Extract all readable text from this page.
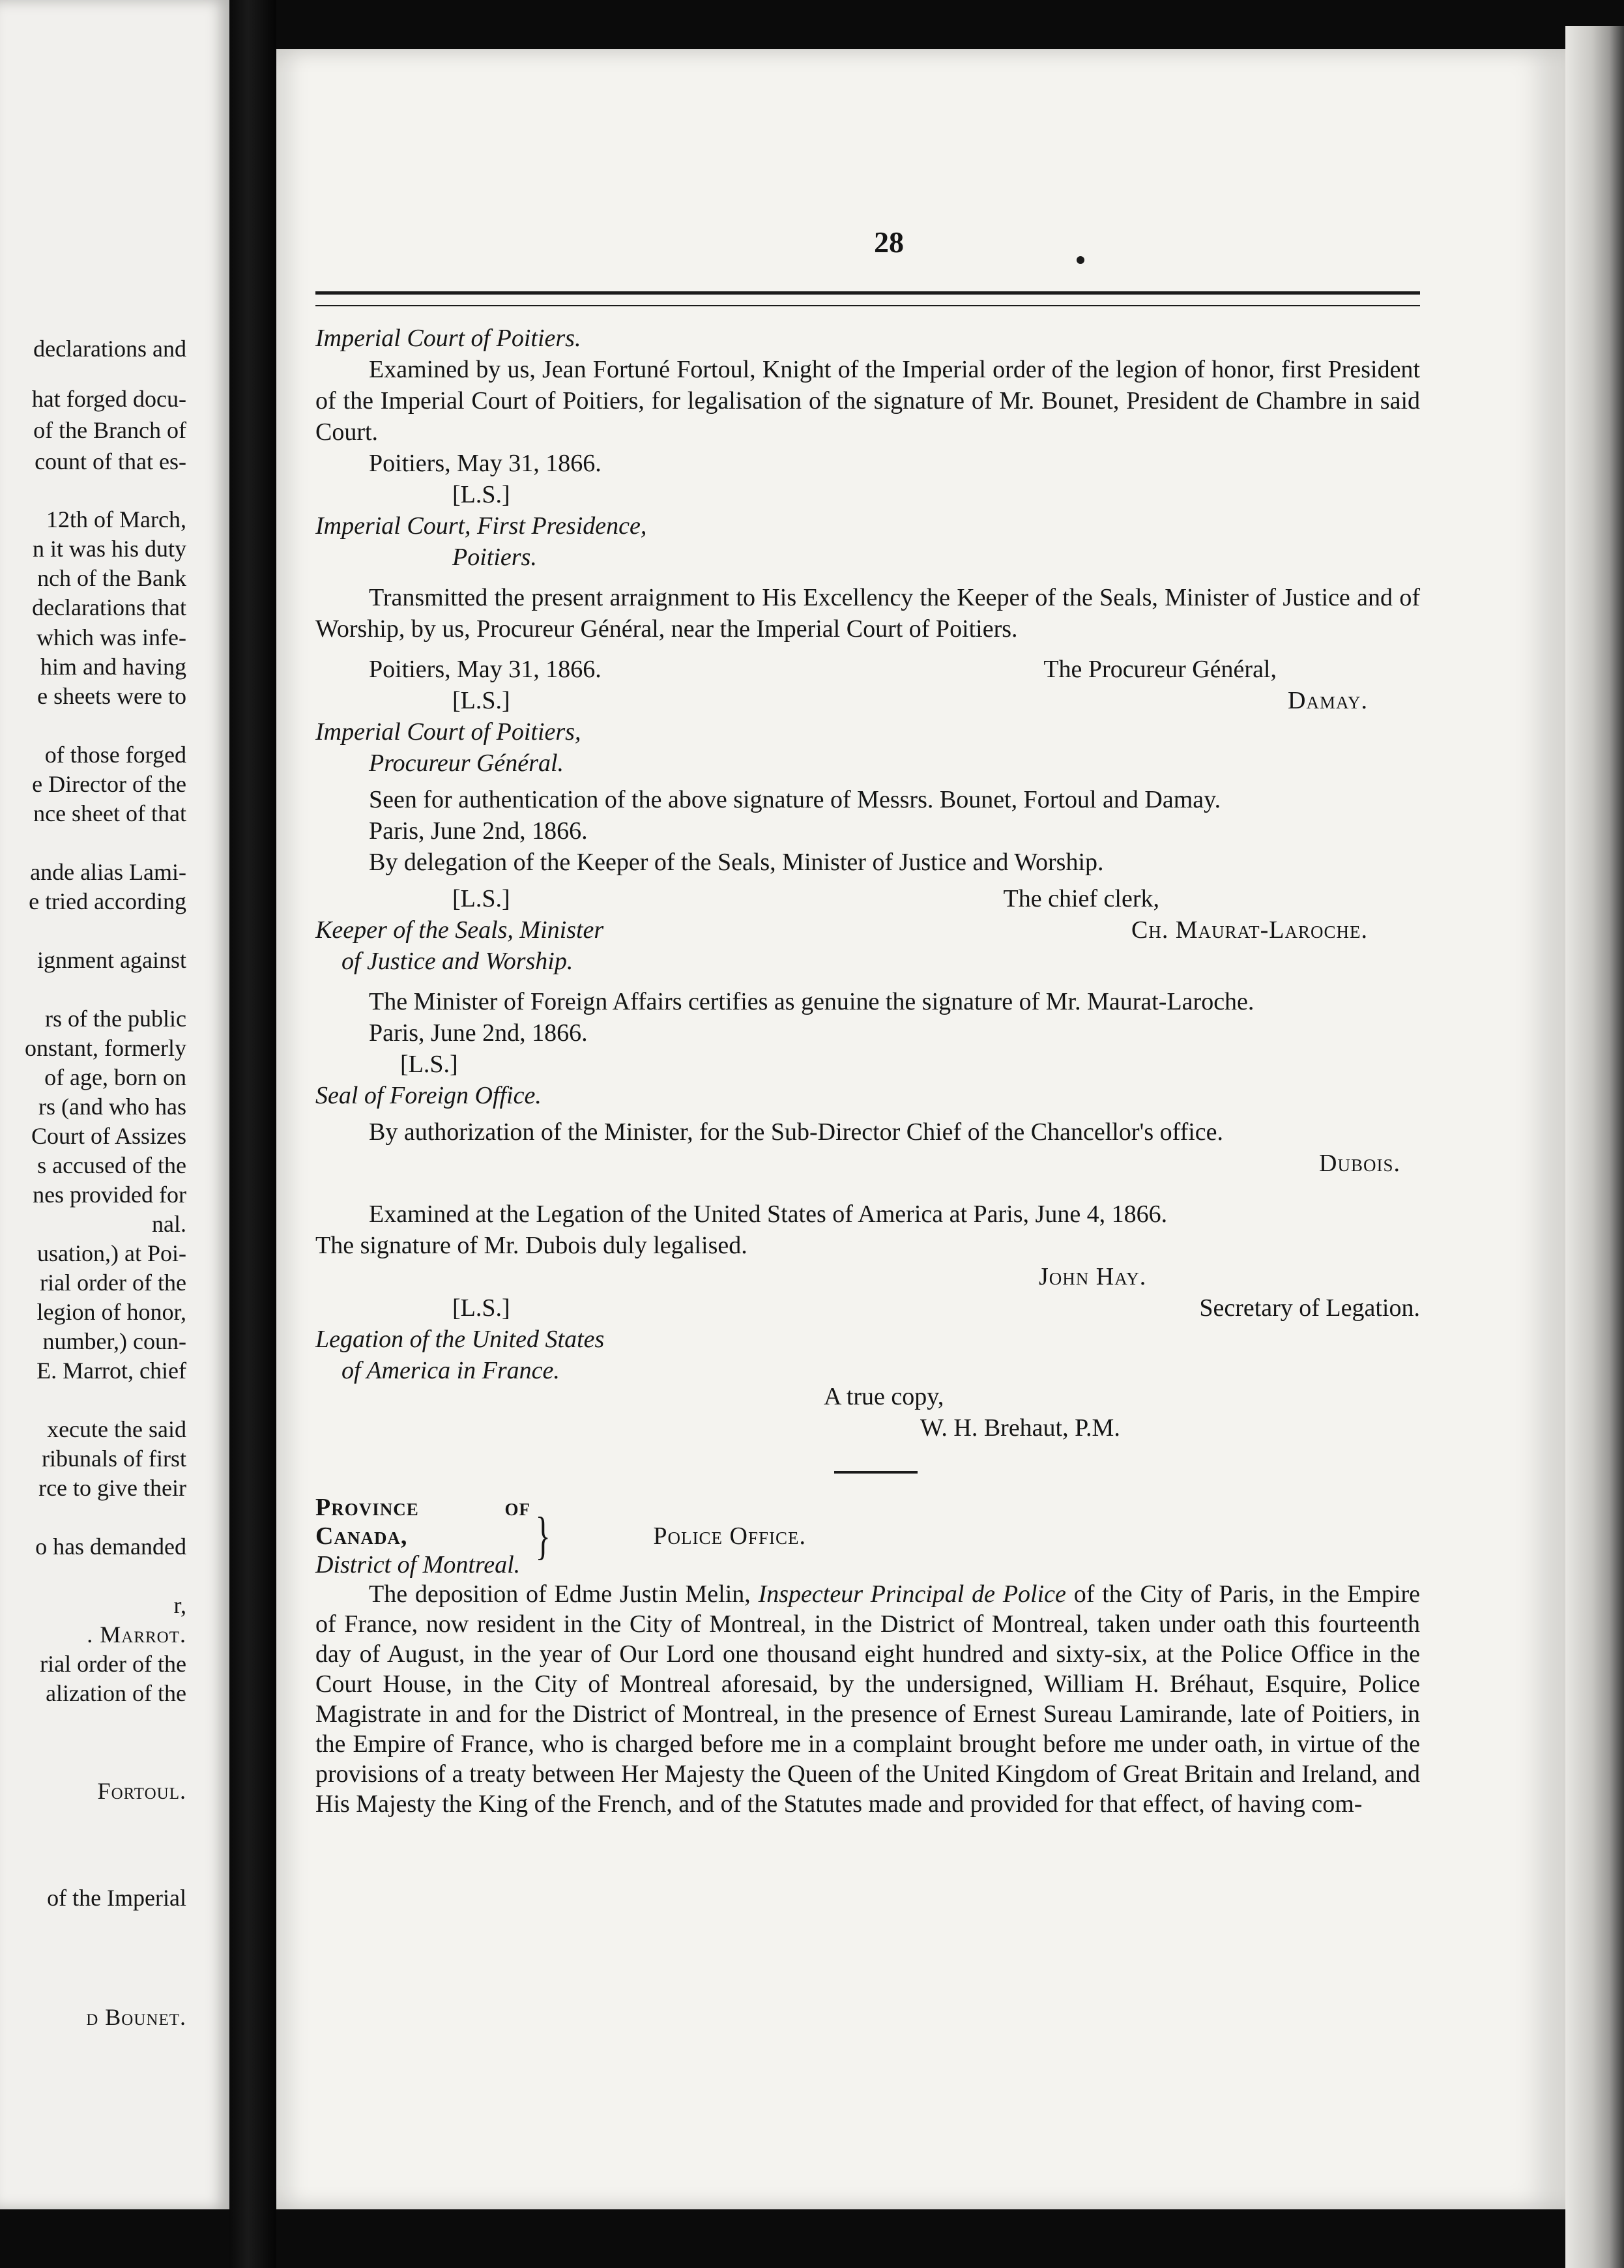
declarations and
hat forged docu-
of the Branch of
count of that es-
12th of March,
n it was his duty
nch of the Bank
declarations that
which was infe-
him and having
e sheets were to
of those forged
e Director of the
nce sheet of that
ande alias Lami-
e tried according
ignment against
rs of the public
onstant, formerly
of age, born on
rs (and who has
Court of Assizes
s accused of the
nes provided for
nal.
usation,) at Poi-
rial order of the
legion of honor,
number,) coun-
E. Marrot, chief
xecute the said
ribunals of first
rce to give their
o has demanded
r,
. Marrot.
rial order of the
alization of the
Fortoul.
of the Imperial
d Bounet.
28

Imperial Court of Poitiers.

Examined by us, Jean Fortuné Fortoul, Knight of the Imperial order of the legion of honor, first President of the Imperial Court of Poitiers, for legalisation of the signature of Mr. Bounet, President de Chambre in said Court.

Poitiers, May 31, 1866.

[L.S.]

Imperial Court, First Presidence,

Poitiers.

Transmitted the present arraignment to His Excellency the Keeper of the Seals, Minister of Justice and of Worship, by us, Procureur Général, near the Imperial Court of Poitiers.

Poitiers, May 31, 1866.	The Procureur Général,
[L.S.]	Damay.

Imperial Court of Poitiers,

Procureur Général.

Seen for authentication of the above signature of Messrs. Bounet, Fortoul and Damay.

Paris, June 2nd, 1866.

By delegation of the Keeper of the Seals, Minister of Justice and Worship.

[L.S.]	The chief clerk,
Keeper of the Seals, Minister	Ch. Maurat-Laroche.

of Justice and Worship.

The Minister of Foreign Affairs certifies as genuine the signature of Mr. Maurat-Laroche.

Paris, June 2nd, 1866.

[L.S.]

Seal of Foreign Office.

By authorization of the Minister, for the Sub-Director Chief of the Chancellor's office.

Dubois.

Examined at the Legation of the United States of America at Paris, June 4, 1866.

The signature of Mr. Dubois duly legalised.

John Hay.

[L.S.]	Secretary of Legation.

Legation of the United States

of America in France.

A true copy,

W. H. Brehaut, P.M.

Province of Canada,
District of Montreal. }	Police Office.

The deposition of Edme Justin Melin, Inspecteur Principal de Police of the City of Paris, in the Empire of France, now resident in the City of Montreal, in the District of Montreal, taken under oath this fourteenth day of August, in the year of Our Lord one thousand eight hundred and sixty-six, at the Police Office in the Court House, in the City of Montreal aforesaid, by the undersigned, William H. Bréhaut, Esquire, Police Magistrate in and for the District of Montreal, in the presence of Ernest Sureau Lamirande, late of Poitiers, in the Empire of France, who is charged before me in a complaint brought before me under oath, in virtue of the provisions of a treaty between Her Majesty the Queen of the United Kingdom of Great Britain and Ireland, and His Majesty the King of the French, and of the Statutes made and provided for that effect, of having com-
